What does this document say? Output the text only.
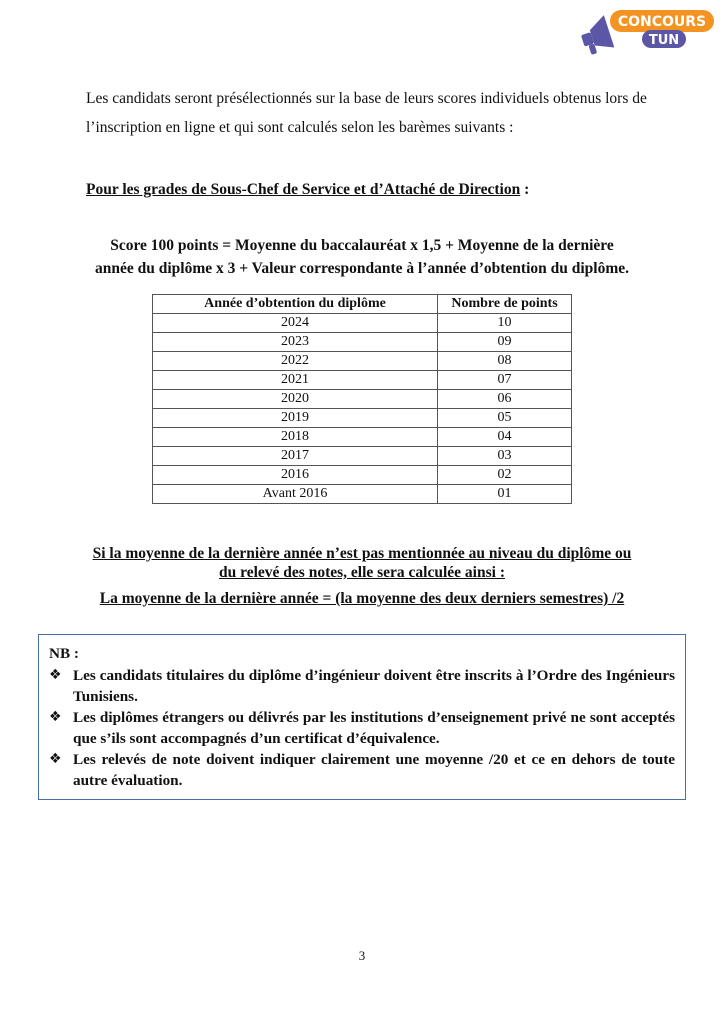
CONCOURS
TUN

Les candidats seront présélectionnés sur la base de leurs scores individuels obtenus lors de l’inscription en ligne et qui sont calculés selon les barèmes suivants :

Pour les grades de Sous-Chef de Service et d’Attaché de Direction :
Score 100 points = Moyenne du baccalauréat x 1,5 + Moyenne de la dernière
année du diplôme x 3 + Valeur correspondante à l’année d’obtention du diplôme.
Année d’obtention du diplôme	Nombre de points
2024	10
2023	09
2022	08
2021	07
2020	06
2019	05
2018	04
2017	03
2016	02
Avant 2016	01
Si la moyenne de la dernière année n’est pas mentionnée au niveau du diplôme ou
du relevé des notes, elle sera calculée ainsi :
La moyenne de la dernière année = (la moyenne des deux derniers semestres) /2
NB :
❖ Les candidats titulaires du diplôme d’ingénieur doivent être inscrits à l’Ordre des Ingénieurs Tunisiens.
❖ Les diplômes étrangers ou délivrés par les institutions d’enseignement privé ne sont acceptés que s’ils sont accompagnés d’un certificat d’équivalence.
❖ Les relevés de note doivent indiquer clairement une moyenne /20 et ce en dehors de toute autre évaluation.
3
